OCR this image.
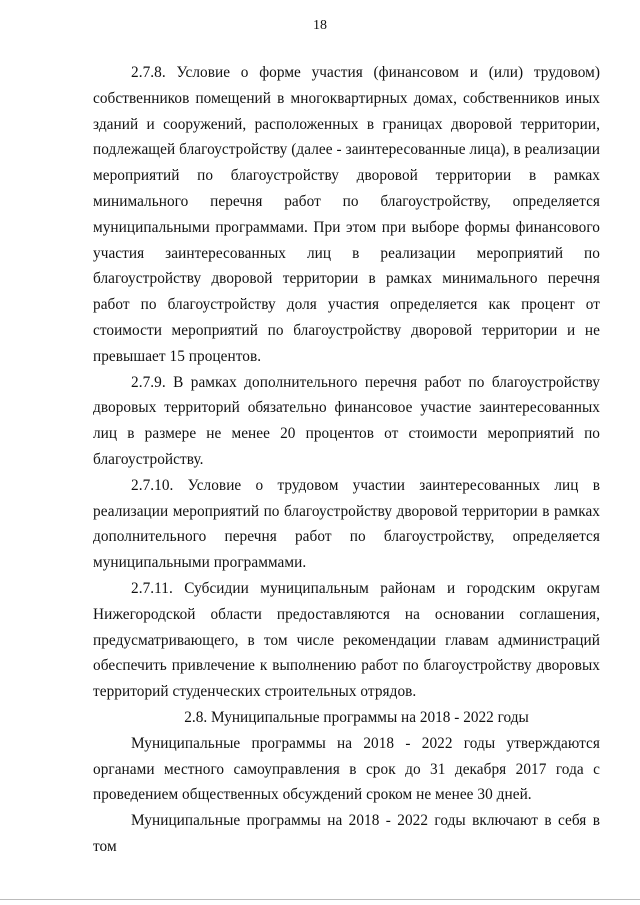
18

2.7.8. Условие о форме участия (финансовом и (или) трудовом) собственников помещений в многоквартирных домах, собственников иных зданий и сооружений, расположенных в границах дворовой территории, подлежащей благоустройству (далее - заинтересованные лица), в реализации мероприятий по благоустройству дворовой территории в рамках минимального перечня работ по благоустройству, определяется муниципальными программами. При этом при выборе формы финансового участия заинтересованных лиц в реализации мероприятий по благоустройству дворовой территории в рамках минимального перечня работ по благоустройству доля участия определяется как процент от стоимости мероприятий по благоустройству дворовой территории и не превышает 15 процентов.

2.7.9. В рамках дополнительного перечня работ по благоустройству дворовых территорий обязательно финансовое участие заинтересованных лиц в размере не менее 20 процентов от стоимости мероприятий по благоустройству.

2.7.10. Условие о трудовом участии заинтересованных лиц в реализации мероприятий по благоустройству дворовой территории в рамках дополнительного перечня работ по благоустройству, определяется муниципальными программами.

2.7.11. Субсидии муниципальным районам и городским округам Нижегородской области предоставляются на основании соглашения, предусматривающего, в том числе рекомендации главам администраций обеспечить привлечение к выполнению работ по благоустройству дворовых территорий студенческих строительных отрядов.

2.8. Муниципальные программы на 2018 - 2022 годы

Муниципальные программы на 2018 - 2022 годы утверждаются органами местного самоуправления в срок до 31 декабря 2017 года с проведением общественных обсуждений сроком не менее 30 дней.

Муниципальные программы на 2018 - 2022 годы включают в себя в том
